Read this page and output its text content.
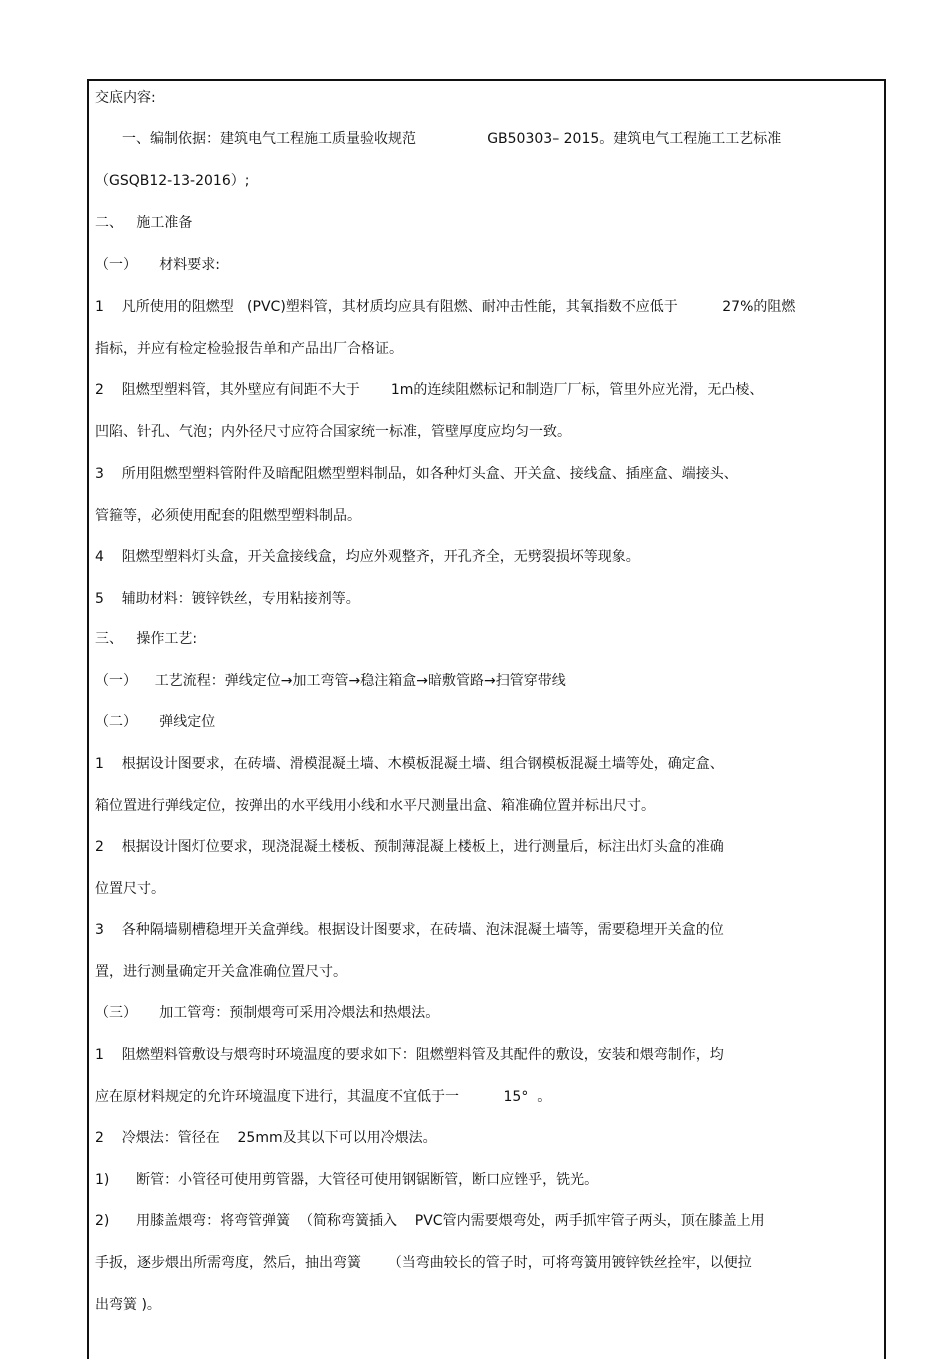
交底内容:
一、编制依据：建筑电气工程施工质量验收规范                GB50303– 2015。建筑电气工程施工工艺标准
（GSQB12-13-2016）;
二、   施工准备
（一）     材料要求:
1    凡所使用的阻燃型   (PVC)塑料管，其材质均应具有阻燃、耐冲击性能，其氧指数不应低于          27%的阻燃
指标，并应有检定检验报告单和产品出厂合格证。
2    阻燃型塑料管，其外壁应有间距不大于       1m的连续阻燃标记和制造厂厂标，管里外应光滑，无凸棱、
凹陷、针孔、气泡；内外径尺寸应符合国家统一标准，管壁厚度应均匀一致。
3    所用阻燃型塑料管附件及暗配阻燃型塑料制品，如各种灯头盒、开关盒、接线盒、插座盒、端接头、
管箍等，必须使用配套的阻燃型塑料制品。
4    阻燃型塑料灯头盒，开关盒接线盒，均应外观整齐，开孔齐全，无劈裂损坏等现象。
5    辅助材料：镀锌铁丝，专用粘接剂等。
三、   操作工艺:
（一）    工艺流程：弹线定位→加工弯管→稳注箱盒→暗敷管路→扫管穿带线
（二）     弹线定位
1    根据设计图要求，在砖墙、滑模混凝土墙、木模板混凝土墙、组合钢模板混凝土墙等处，确定盒、
箱位置进行弹线定位，按弹出的水平线用小线和水平尺测量出盒、箱准确位置并标出尺寸。
2    根据设计图灯位要求，现浇混凝土楼板、预制薄混凝上楼板上，进行测量后，标注出灯头盒的准确
位置尺寸。
3    各种隔墙剔槽稳埋开关盒弹线。根据设计图要求，在砖墙、泡沫混凝土墙等，需要稳埋开关盒的位
置，进行测量确定开关盒准确位置尺寸。
（三）     加工管弯：预制煨弯可采用冷煨法和热煨法。
1    阻燃塑料管敷设与煨弯时环境温度的要求如下：阻燃塑料管及其配件的敷设，安装和煨弯制作，均
应在原材料规定的允许环境温度下进行，其温度不宜低于一          15°  。
2    冷煨法：管径在    25mm及其以下可以用冷煨法。
1)      断管：小管径可使用剪管器，大管径可使用钢锯断管，断口应锉乎，铣光。
2)      用膝盖煨弯：将弯管弹簧  （简称弯簧插入    PVC管内需要煨弯处，两手抓牢管子两头，顶在膝盖上用
手扳，逐步煨出所需弯度，然后，抽出弯簧      （当弯曲较长的管子时，可将弯簧用镀锌铁丝拴牢，以便拉
出弯簧 )。
